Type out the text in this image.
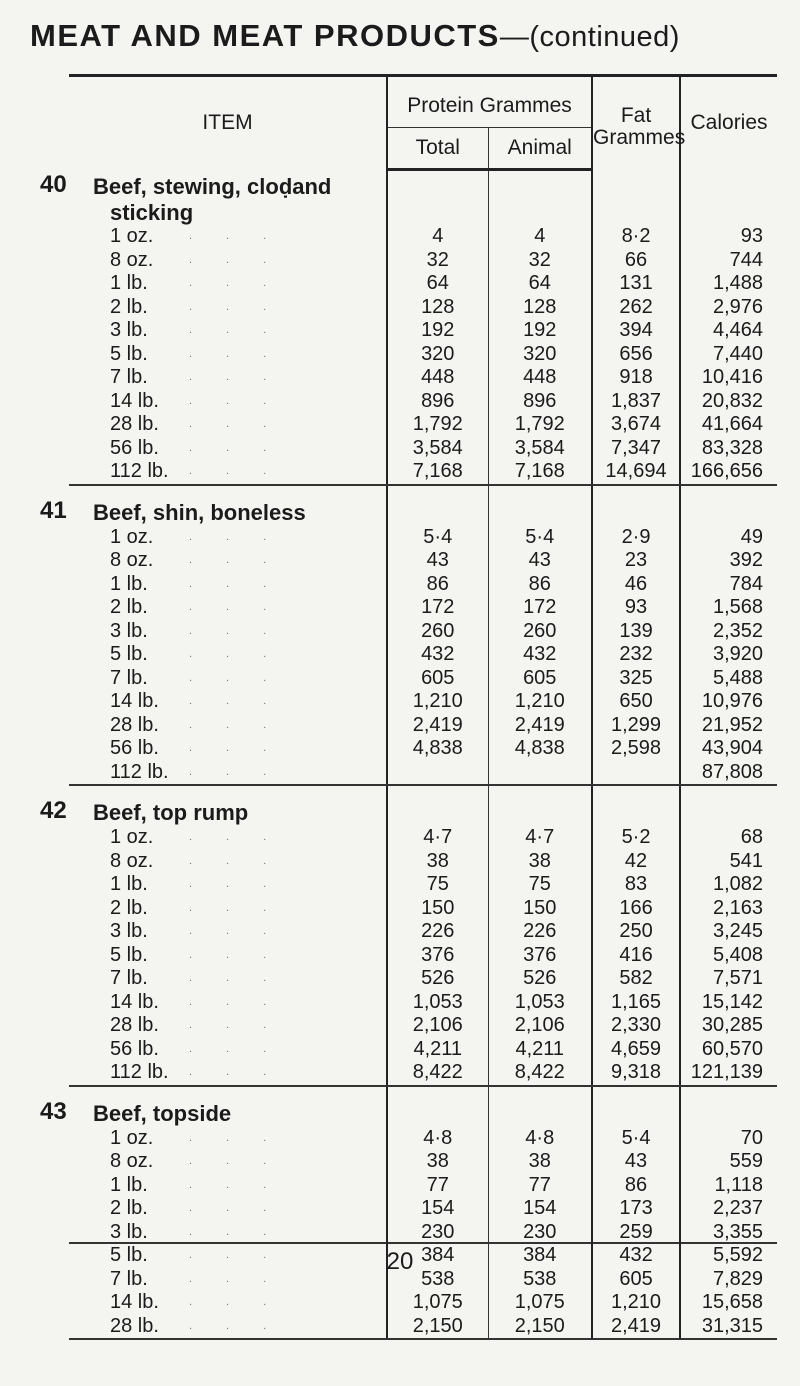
MEAT AND MEAT PRODUCTS—(continued)
ITEM	Protein Grammes		Fat Grammes	Calories
	Total	Animal		
Beef, stewing, cloḍand				
sticking				
1 oz. ...	4	4	8·2	93
8 oz. ...	32	32	66	744
1 lb. ...	64	64	131	1,488
2 lb. ...	128	128	262	2,976
3 lb. ...	192	192	394	4,464
5 lb. ...	320	320	656	7,440
7 lb. ...	448	448	918	10,416
14 lb. ...	896	896	1,837	20,832
28 lb. ...	1,792	1,792	3,674	41,664
56 lb. ...	3,584	3,584	7,347	83,328
112 lb. ...	7,168	7,168	14,694	166,656

Beef, shin, boneless				
1 oz. ...	5·4	5·4	2·9	49
8 oz. ...	43	43	23	392
1 lb. ...	86	86	46	784
2 lb. ...	172	172	93	1,568
3 lb. ...	260	260	139	2,352
5 lb. ...	432	432	232	3,920
7 lb. ...	605	605	325	5,488
14 lb. ...	1,210	1,210	650	10,976
28 lb. ...	2,419	2,419	1,299	21,952
56 lb. ...	4,838	4,838	2,598	43,904
112 lb. ...				87,808

Beef, top rump				
1 oz. ...	4·7	4·7	5·2	68
8 oz. ...	38	38	42	541
1 lb. ...	75	75	83	1,082
2 lb. ...	150	150	166	2,163
3 lb. ...	226	226	250	3,245
5 lb. ...	376	376	416	5,408
7 lb. ...	526	526	582	7,571
14 lb. ...	1,053	1,053	1,165	15,142
28 lb. ...	2,106	2,106	2,330	30,285
56 lb. ...	4,211	4,211	4,659	60,570
112 lb. ...	8,422	8,422	9,318	121,139

Beef, topside				
1 oz. ...	4·8	4·8	5·4	70
8 oz. ...	38	38	43	559
1 lb. ...	77	77	86	1,118
2 lb. ...	154	154	173	2,237
3 lb. ...	230	230	259	3,355
5 lb. ...	384	384	432	5,592
7 lb. ...	538	538	605	7,829
14 lb. ...	1,075	1,075	1,210	15,658
28 lb. ...	2,150	2,150	2,419	31,315
20
40
41
42
43
